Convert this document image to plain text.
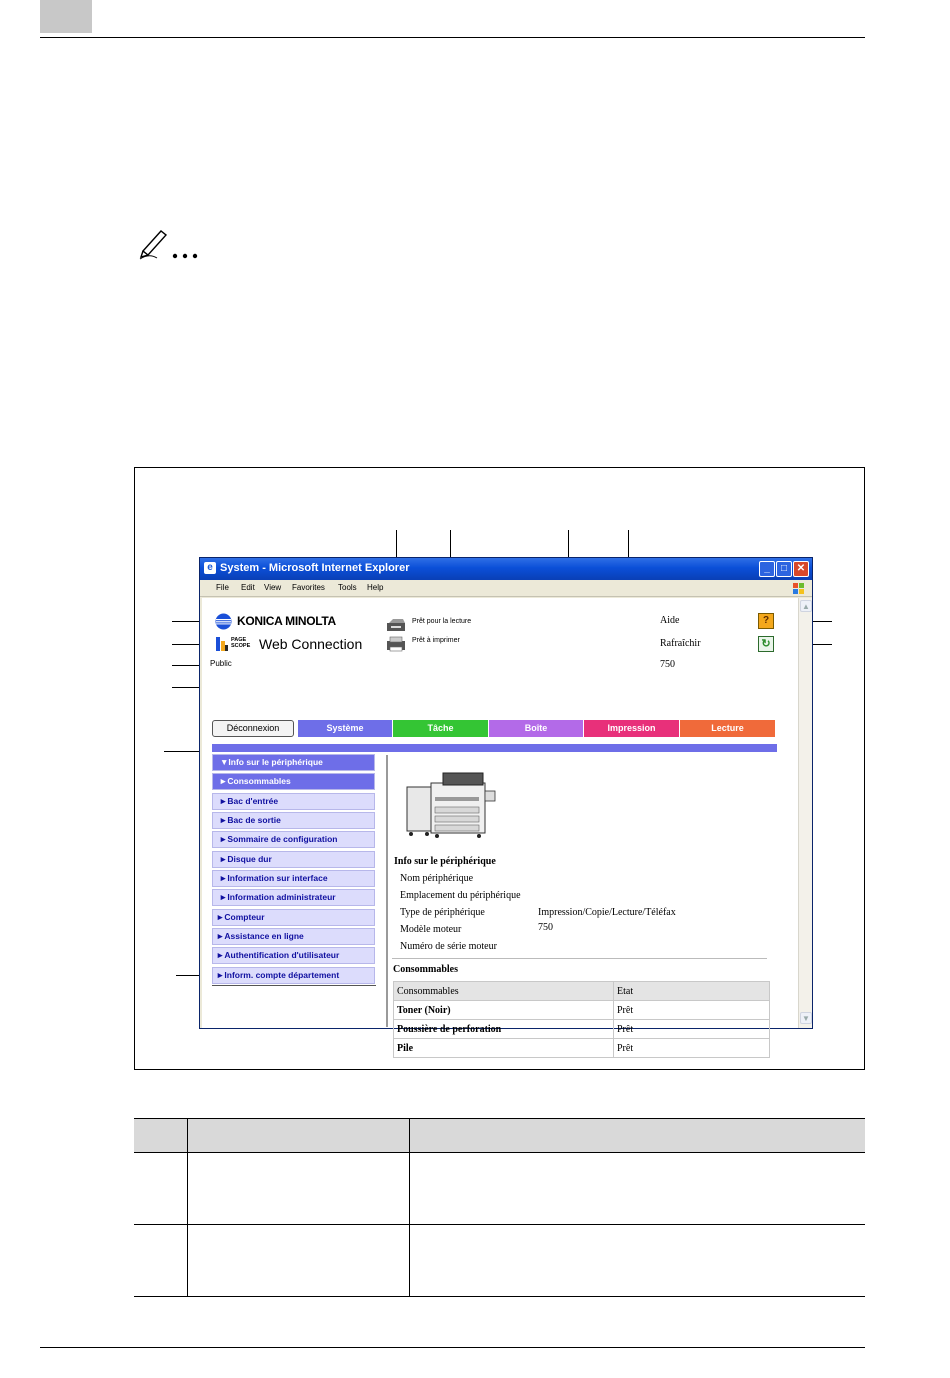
e System - Microsoft Internet Explorer	_	□ ✕
File Edit View Favorites Tools Help
KONICA MINOLTA
PAGE SCOPE Web Connection
Public
Prêt pour la lecture
Prêt à imprimer
Aide	?
Rafraîchir	↻
750
Déconnexion	Système	Tâche	Boîte	Impression	Lecture
▼Info sur le périphérique
►Consommables
►Bac d'entrée
►Bac de sortie
►Sommaire de configuration
►Disque dur
►Information sur interface
►Information administrateur
►Compteur
►Assistance en ligne
►Authentification d'utilisateur
►Inform. compte département
Info sur le périphérique
Nom périphérique
Emplacement du périphérique
Type de périphérique	Impression/Copie/Lecture/Téléfax
Modèle moteur	750
Numéro de série moteur
Consommables
Consommables	Etat
Toner (Noir)	Prêt
Poussière de perforation	Prêt
Pile	Prêt
▲
▼
